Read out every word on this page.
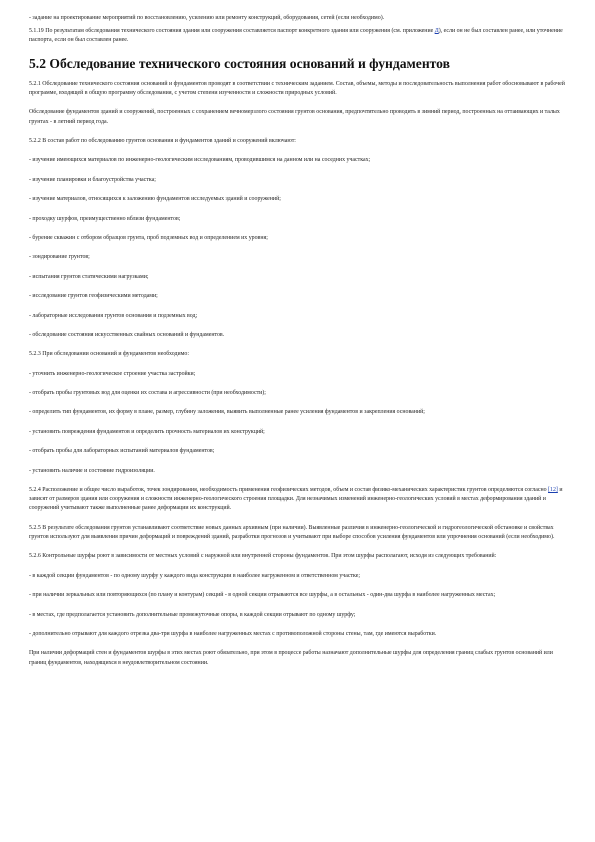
- задание на проектирование мероприятий по восстановлению, усилению или ремонту конструкций, оборудования, сетей (если необходимо).

5.1.19 По результатам обследования технического состояния здания или сооружения составляется паспорт конкретного здания или сооружения (см. приложение Д), если он не был составлен ранее, или уточнение паспорта, если он был составлен ранее.

5.2 Обследование технического состояния оснований и фундаментов

5.2.1 Обследование технического состояния оснований и фундаментов проводят в соответствии с техническим заданием. Состав, объемы, методы и последовательность выполнения работ обосновывают в рабочей программе, входящей в общую программу обследования, с учетом степени изученности и сложности природных условий.

Обследование фундаментов зданий и сооружений, построенных с сохранением вечномерзлого состояния грунтов основания, предпочтительно проводить в зимний период, построенных на оттаивающих и талых грунтах - в летний период года.

5.2.2 В состав работ по обследованию грунтов основания и фундаментов зданий и сооружений включают:

- изучение имеющихся материалов по инженерно-геологическим исследованиям, проводившимся на данном или на соседних участках;

- изучение планировки и благоустройства участка;

- изучение материалов, относящихся к заложению фундаментов исследуемых зданий и сооружений;

- проходку шурфов, преимущественно вблизи фундаментов;

- бурение скважин с отбором образцов грунта, проб подземных вод и определением их уровня;

- зондирование грунтов;

- испытания грунтов статическими нагрузками;

- исследование грунтов геофизическими методами;

- лабораторные исследования грунтов основания и подземных вод;

- обследование состояния искусственных свайных оснований и фундаментов.

5.2.3 При обследовании оснований и фундаментов необходимо:

- уточнить инженерно-геологическое строение участка застройки;

- отобрать пробы грунтовых вод для оценки их состава и агрессивности (при необходимости);

- определить тип фундаментов, их форму в плане, размер, глубину заложения, выявить выполненные ранее усиления фундаментов и закрепления оснований;

- установить повреждения фундаментов и определить прочность материалов их конструкций;

- отобрать пробы для лабораторных испытаний материалов фундаментов;

- установить наличие и состояние гидроизоляции.

5.2.4 Расположение и общее число выработок, точек зондирования, необходимость применения геофизических методов, объем и состав физико-механических характеристик грунтов определяются согласно [12] и зависят от размеров здания или сооружения и сложности инженерно-геологического строения площадки. Для незначимых изменений инженерно-геологических условий в местах деформирования зданий и сооружений учитывают также выполненные ранее деформации их конструкций.

5.2.5 В результате обследования грунтов устанавливают соответствие новых данных архивным (при наличии). Выявленные различия в инженерно-геологической и гидрогеологической обстановке и свойствах грунтов используют для выявления причин деформаций и повреждений зданий, разработки прогнозов и учитывают при выборе способов усиления фундаментов или упрочнения оснований (если необходимо).

5.2.6 Контрольные шурфы роют в зависимости от местных условий с наружной или внутренней стороны фундаментов. При этом шурфы располагают, исходя из следующих требований:

- в каждой секции фундаментов - по одному шурфу у каждого вида конструкции в наиболее нагруженном и ответственном участке;

- при наличии зеркальных или повторяющихся (по плану и контурам) секций - в одной секции отрываются все шурфы, а в остальных - один-два шурфа в наиболее нагруженных местах;

- в местах, где предполагается установить дополнительные промежуточные опоры, в каждой секции отрывают по одному шурфу;

- дополнительно отрывают для каждого отрезка два-три шурфа в наиболее нагруженных местах с противоположной стороны стены, там, где имеются выработки.

При наличии деформаций стен и фундаментов шурфы в этих местах роют обязательно, при этом в процессе работы назначают дополнительные шурфы для определения границ слабых грунтов оснований или границ фундаментов, находящихся в неудовлетворительном состоянии.
